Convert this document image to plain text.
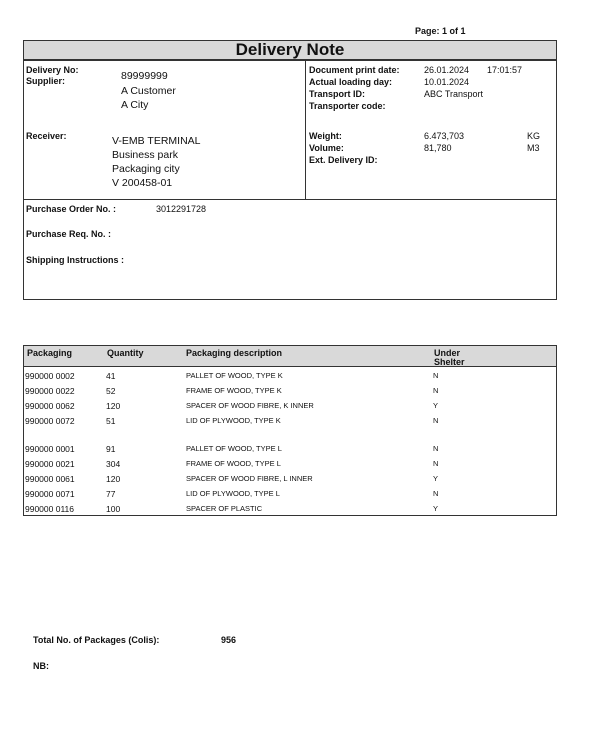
Page: 1 of 1
Delivery Note
Delivery No:
Supplier:	89999999
A Customer
A City
Receiver:	V-EMB TERMINAL
Business park
Packaging city
V 200458-01
Document print date:	26.01.2024 17:01:57
Actual loading day:	10.01.2024
Transport ID:	ABC Transport
Transporter code:
Weight:	6.473,703	KG
Volume:	81,780	M3
Ext. Delivery ID:
Purchase Order No. :	3012291728
Purchase Req. No. :
Shipping Instructions :
Packaging	Quantity	Packaging description	Under
Shelter
990000 0002	41	PALLET OF WOOD, TYPE K	N
990000 0022	52	FRAME OF WOOD, TYPE K	N
990000 0062	120	SPACER OF WOOD FIBRE, K INNER	Y
990000 0072	51	LID OF PLYWOOD, TYPE K	N
990000 0001	91	PALLET OF WOOD, TYPE L	N
990000 0021	304	FRAME OF WOOD, TYPE L	N
990000 0061	120	SPACER OF WOOD FIBRE, L INNER	Y
990000 0071	77	LID OF PLYWOOD, TYPE L	N
990000 0116	100	SPACER OF PLASTIC	Y
Total No. of Packages (Colis):	956
NB:
